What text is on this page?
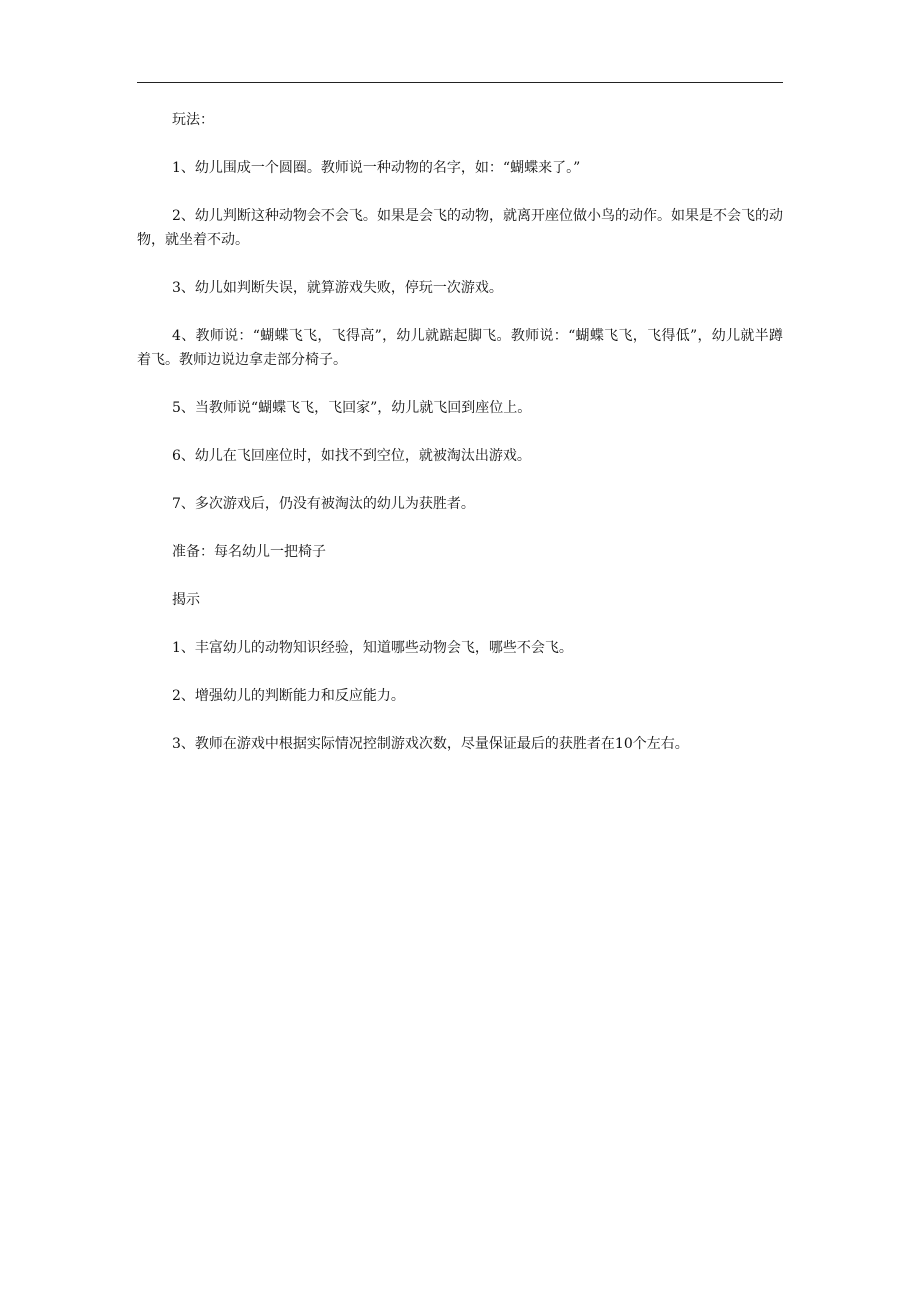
玩法：

1、幼儿围成一个圆圈。教师说一种动物的名字，如：“蝴蝶来了。”

2、幼儿判断这种动物会不会飞。如果是会飞的动物，就离开座位做小鸟的动作。如果是不会飞的动物，就坐着不动。

3、幼儿如判断失误，就算游戏失败，停玩一次游戏。

4、教师说：“蝴蝶飞飞，飞得高”，幼儿就踮起脚飞。教师说：“蝴蝶飞飞，飞得低”，幼儿就半蹲着飞。教师边说边拿走部分椅子。

5、当教师说“蝴蝶飞飞，飞回家”，幼儿就飞回到座位上。

6、幼儿在飞回座位时，如找不到空位，就被淘汰出游戏。

7、多次游戏后，仍没有被淘汰的幼儿为获胜者。

准备：每名幼儿一把椅子

揭示

1、丰富幼儿的动物知识经验，知道哪些动物会飞，哪些不会飞。

2、增强幼儿的判断能力和反应能力。

3、教师在游戏中根据实际情况控制游戏次数，尽量保证最后的获胜者在10个左右。
